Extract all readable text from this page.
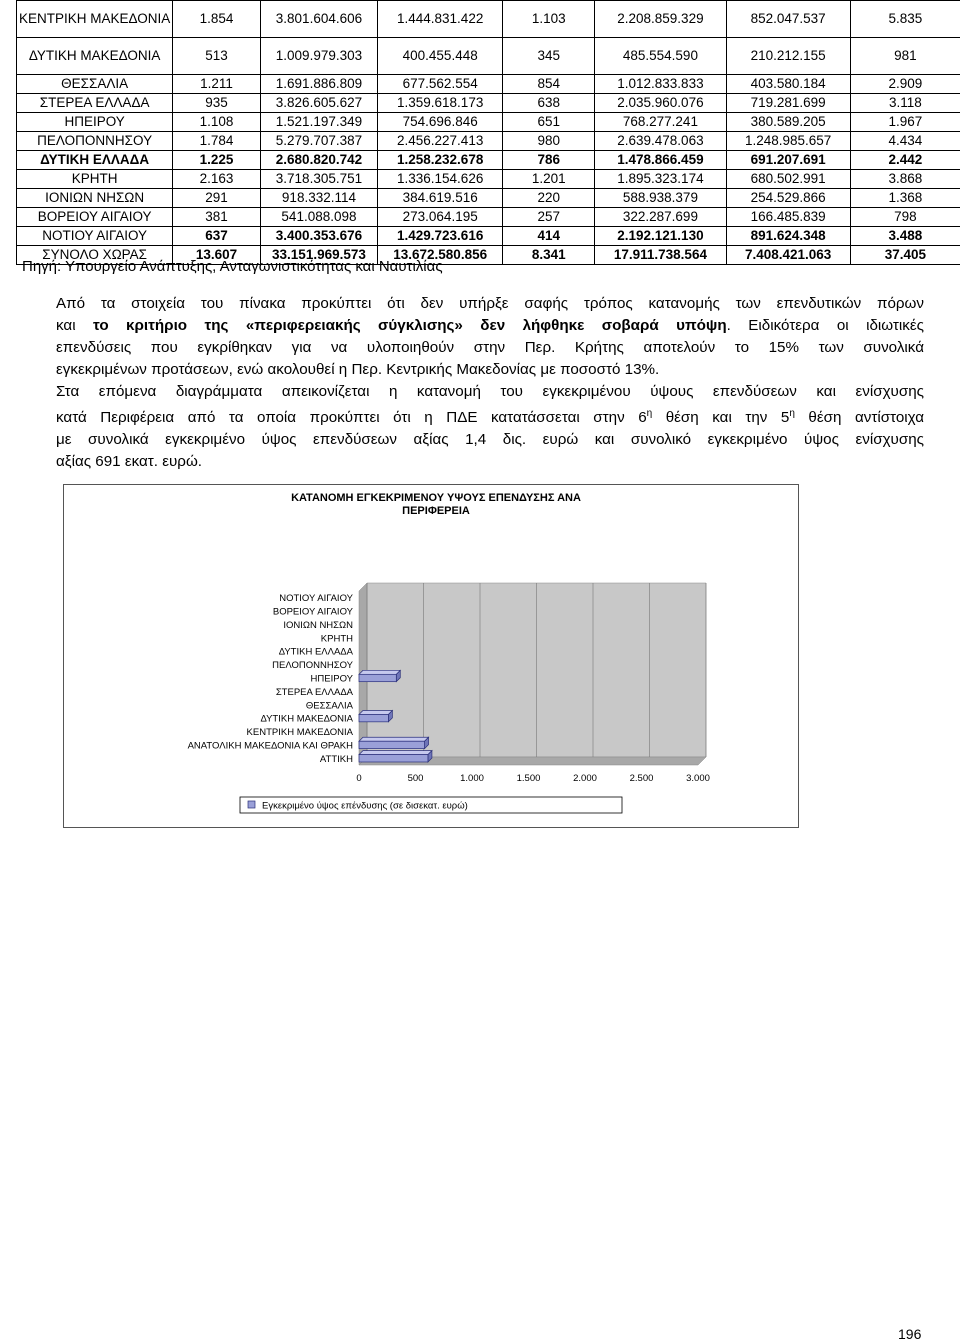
ΚΕΝΤΡΙΚΗ ΜΑΚΕΔΟΝΙΑ	1.854	3.801.604.606	1.444.831.422	1.103	2.208.859.329	852.047.537	5.835
ΔΥΤΙΚΗ ΜΑΚΕΔΟΝΙΑ	513	1.009.979.303	400.455.448	345	485.554.590	210.212.155	981
ΘΕΣΣΑΛΙΑ	1.211	1.691.886.809	677.562.554	854	1.012.833.833	403.580.184	2.909
ΣΤΕΡΕΑ ΕΛΛΑΔΑ	935	3.826.605.627	1.359.618.173	638	2.035.960.076	719.281.699	3.118
ΗΠΕΙΡΟΥ	1.108	1.521.197.349	754.696.846	651	768.277.241	380.589.205	1.967
ΠΕΛΟΠΟΝΝΗΣΟΥ	1.784	5.279.707.387	2.456.227.413	980	2.639.478.063	1.248.985.657	4.434
ΔΥΤΙΚΗ ΕΛΛΑΔΑ	1.225	2.680.820.742	1.258.232.678	786	1.478.866.459	691.207.691	2.442
ΚΡΗΤΗ	2.163	3.718.305.751	1.336.154.626	1.201	1.895.323.174	680.502.991	3.868
ΙΟΝΙΩΝ ΝΗΣΩΝ	291	918.332.114	384.619.516	220	588.938.379	254.529.866	1.368
ΒΟΡΕΙΟΥ ΑΙΓΑΙΟΥ	381	541.088.098	273.064.195	257	322.287.699	166.485.839	798
ΝΟΤΙΟΥ ΑΙΓΑΙΟΥ	637	3.400.353.676	1.429.723.616	414	2.192.121.130	891.624.348	3.488
ΣΥΝΟΛΟ ΧΩΡΑΣ	13.607	33.151.969.573	13.672.580.856	8.341	17.911.738.564	7.408.421.063	37.405
Πηγή: Υπουργείο Ανάπτυξης, Ανταγωνιστικότητας και Ναυτιλίας
Από τα στοιχεία του πίνακα προκύπτει ότι δεν υπήρξε σαφής τρόπος κατανομής των επενδυτικών πόρων
και το κριτήριο της «περιφερειακής σύγκλισης» δεν λήφθηκε σοβαρά υπόψη. Ειδικότερα οι ιδιωτικές
επενδύσεις που εγκρίθηκαν για να υλοποιηθούν στην Περ. Κρήτης αποτελούν το 15% των συνολικά
εγκεκριμένων προτάσεων, ενώ ακολουθεί η Περ. Κεντρικής Μακεδονίας με ποσοστό 13%.
Στα επόμενα διαγράμματα απεικονίζεται η κατανομή του εγκεκριμένου ύψους επενδύσεων και ενίσχυσης
κατά Περιφέρεια από τα οποία προκύπτει ότι η ΠΔΕ κατατάσσεται στην $6^\eta$ θέση και την $5^\eta$ θέση αντίστοιχα
με συνολικά εγκεκριμένο ύψος επενδύσεων αξίας 1,4 δις. ευρώ και συνολικό εγκεκριμένο ύψος ενίσχυσης
αξίας 691 εκατ. ευρώ.
ΚΑΤΑΝΟΜΗ ΕΓΚΕΚΡΙΜΕΝΟΥ ΥΨΟΥΣ ΕΠΕΝΔΥΣΗΣ ΑΝΑ
ΠΕΡΙΦΕΡΕΙΑ
ΝΟΤΙΟΥ ΑΙΓΑΙΟΥ
ΒΟΡΕΙΟΥ ΑΙΓΑΙΟΥ
ΙΟΝΙΩΝ ΝΗΣΩΝ
ΚΡΗΤΗ
ΔΥΤΙΚΗ ΕΛΛΑΔΑ
ΠΕΛΟΠΟΝΝΗΣΟΥ
ΗΠΕΙΡΟΥ
ΣΤΕΡΕΑ ΕΛΛΑΔΑ
ΘΕΣΣΑΛΙΑ
ΔΥΤΙΚΗ ΜΑΚΕΔΟΝΙΑ
ΚΕΝΤΡΙΚΗ ΜΑΚΕΔΟΝΙΑ
ΑΝΑΤΟΛΙΚΗ ΜΑΚΕΔΟΝΙΑ ΚΑΙ ΘΡΑΚΗ
ΑΤΤΙΚΗ
0	500	1.000	1.500	2.000	2.500	3.000
Εγκεκριμένο ύψος επένδυσης (σε δισεκατ. ευρώ)
196
